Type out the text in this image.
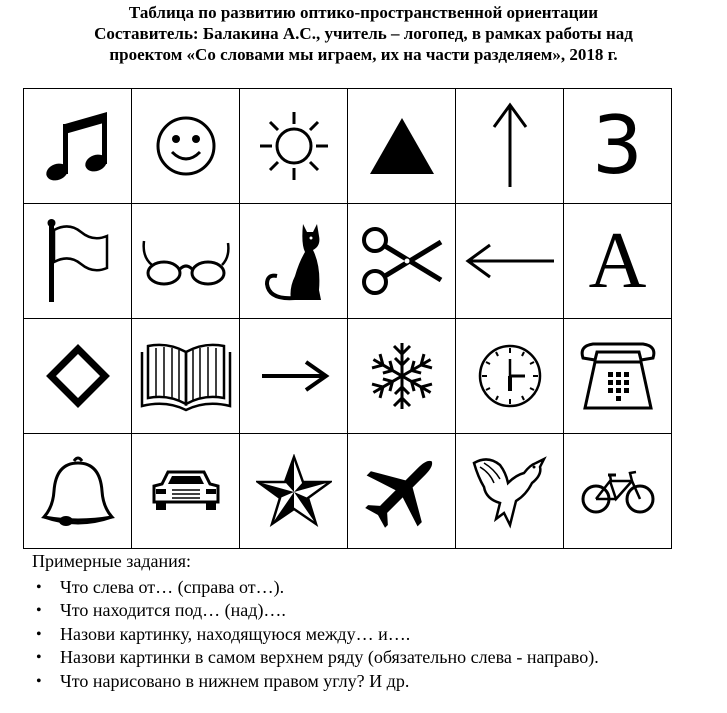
Таблица по развитию оптико-пространственной ориентации
Составитель: Балакина А.С., учитель – логопед, в рамках работы над
проектом «Со словами мы играем, их на части разделяем», 2018 г.

	3

	A

Примерные задания:
• Что слева от… (справа от…).
• Что находится под… (над)….
• Назови картинку, находящуюся между… и….
• Назови картинки в самом верхнем ряду (обязательно слева - направо).
• Что нарисовано в нижнем правом углу? И др.
